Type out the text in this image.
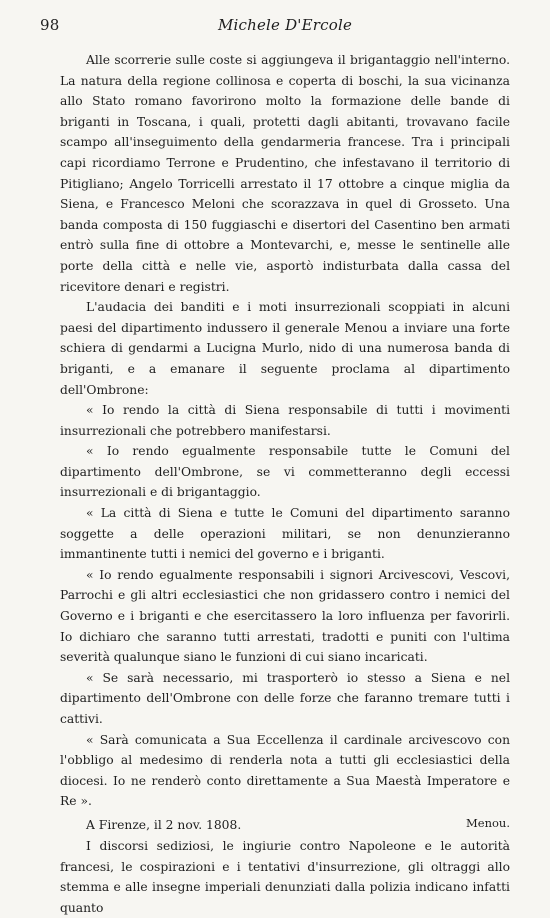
98	Michele D'Ercole

Alle scorrerie sulle coste si aggiungeva il brigantaggio nell'interno. La natura della regione collinosa e coperta di boschi, la sua vicinanza allo Stato romano favorirono molto la formazione delle bande di briganti in Toscana, i quali, protetti dagli abitanti, trovavano facile scampo all'inseguimento della gendarmeria francese. Tra i principali capi ricordiamo Terrone e Prudentino, che infestavano il territorio di Pitigliano; Angelo Torricelli arrestato il 17 ottobre a cinque miglia da Siena, e Francesco Meloni che scorazzava in quel di Grosseto. Una banda composta di 150 fuggiaschi e disertori del Casentino ben armati entrò sulla fine di ottobre a Montevarchi, e, messe le sentinelle alle porte della città e nelle vie, asportò indisturbata dalla cassa del ricevitore denari e registri.

L'audacia dei banditi e i moti insurrezionali scoppiati in alcuni paesi del dipartimento indussero il generale Menou a inviare una forte schiera di gendarmi a Lucigna Murlo, nido di una numerosa banda di briganti, e a emanare il seguente proclama al dipartimento dell'Ombrone:

« Io rendo la città di Siena responsabile di tutti i movimenti insurrezionali che potrebbero manifestarsi.

« Io rendo egualmente responsabile tutte le Comuni del dipartimento dell'Ombrone, se vi commetteranno degli eccessi insurrezionali e di brigantaggio.

« La città di Siena e tutte le Comuni del dipartimento saranno soggette a delle operazioni militari, se non denunzieranno immantinente tutti i nemici del governo e i briganti.

« Io rendo egualmente responsabili i signori Arcivescovi, Vescovi, Parrochi e gli altri ecclesiastici che non gridassero contro i nemici del Governo e i briganti e che esercitassero la loro influenza per favorirli. Io dichiaro che saranno tutti arrestati, tradotti e puniti con l'ultima severità qualunque siano le funzioni di cui siano incaricati.

« Se sarà necessario, mi trasporterò io stesso a Siena e nel dipartimento dell'Ombrone con delle forze che faranno tremare tutti i cattivi.

« Sarà comunicata a Sua Eccellenza il cardinale arcivescovo con l'obbligo al medesimo di renderla nota a tutti gli ecclesiastici della diocesi. Io ne renderò conto direttamente a Sua Maestà Imperatore e Re ».

A Firenze, il 2 nov. 1808.	Menou.

I discorsi sediziosi, le ingiurie contro Napoleone e le autorità francesi, le cospirazioni e i tentativi d'insurrezione, gli oltraggi allo stemma e alle insegne imperiali denunziati dalla polizia indicano infatti quanto
